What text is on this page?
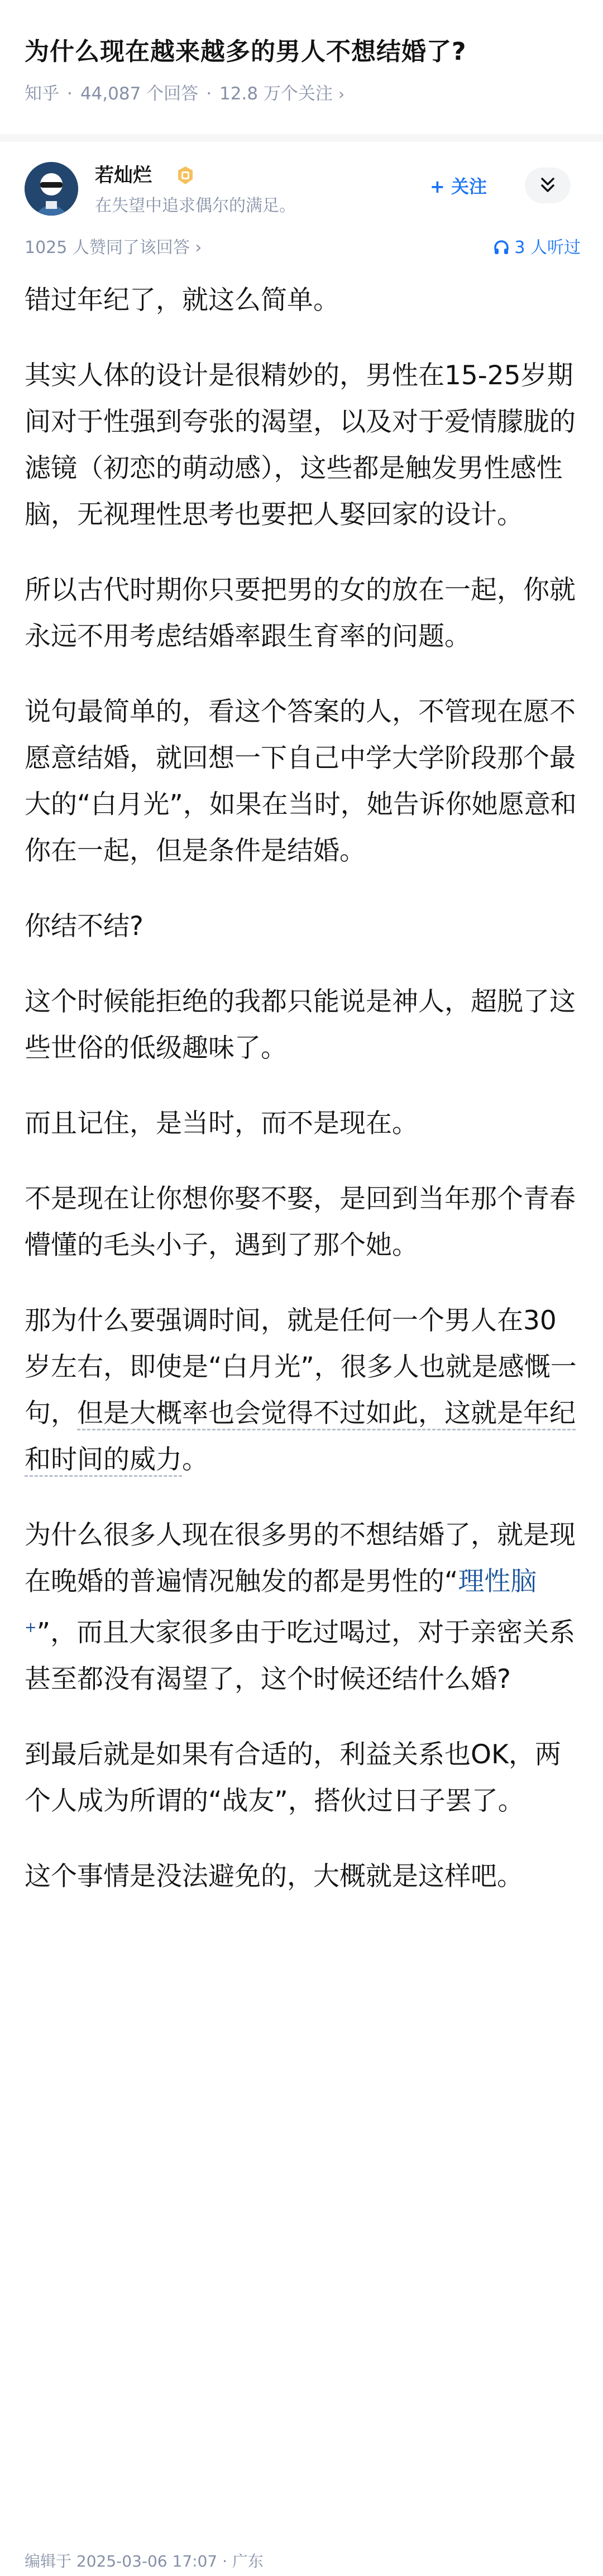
为什么现在越来越多的男人不想结婚了?
知乎 · 44,087 个回答 · 12.8 万个关注 ›
若灿烂
在失望中追求偶尔的满足。
+ 关注
1025 人赞同了该回答 ›	3 人听过

错过年纪了，就这么简单。

其实人体的设计是很精妙的，男性在15-25岁期间对于性强到夸张的渴望，以及对于爱情朦胧的滤镜（初恋的萌动感），这些都是触发男性感性脑，无视理性思考也要把人娶回家的设计。

所以古代时期你只要把男的女的放在一起，你就永远不用考虑结婚率跟生育率的问题。

说句最简单的，看这个答案的人，不管现在愿不愿意结婚，就回想一下自己中学大学阶段那个最大的“白月光”，如果在当时，她告诉你她愿意和你在一起，但是条件是结婚。

你结不结?

这个时候能拒绝的我都只能说是神人，超脱了这些世俗的低级趣味了。

而且记住，是当时，而不是现在。

不是现在让你想你娶不娶，是回到当年那个青春懵懂的毛头小子，遇到了那个她。

那为什么要强调时间，就是任何一个男人在30岁左右，即使是“白月光”，很多人也就是感慨一句，但是大概率也会觉得不过如此，这就是年纪和时间的威力。

为什么很多人现在很多男的不想结婚了，就是现在晚婚的普遍情况触发的都是男性的“理性脑+”，而且大家很多由于吃过喝过，对于亲密关系甚至都没有渴望了，这个时候还结什么婚?

到最后就是如果有合适的，利益关系也OK，两个人成为所谓的“战友”，搭伙过日子罢了。

这个事情是没法避免的，大概就是这样吧。

编辑于 2025-03-06 17:07 · 广东
